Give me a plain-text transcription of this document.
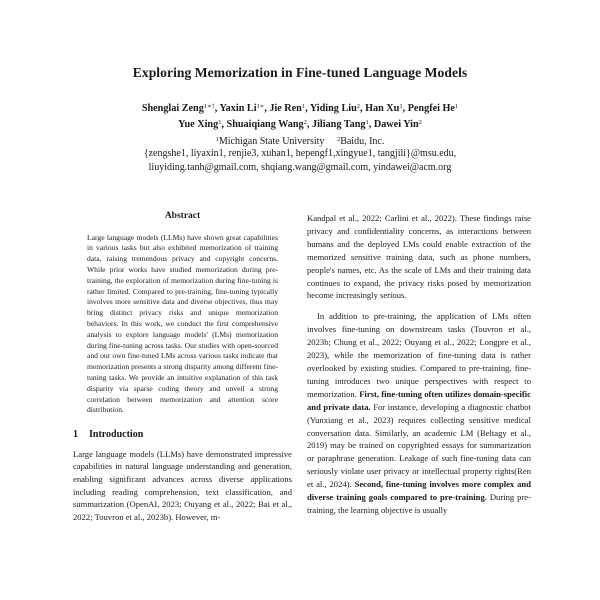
Exploring Memorization in Fine-tuned Language Models
Shenglai Zeng$^{1∗\dagger}$, Yaxin $Li^{1∗}$, Jie Ren$^1$, Yiding Liu$^2$, Han Xu$^1$, Pengfei He$^1$
Yue Xing$^1$, Shuaiqiang Wang$^2$, Jiliang Tang$^1$, Dawei Yin$^2$
$^1$Michigan State University $^2$Baidu, Inc.
{zengshe1, liyaxin1, renjie3, xuhan1, hepengf1,xingyue1, tangjili}@msu.edu,
liuyiding.tanh@gmail.com, shqiang.wang@gmail.com, yindawei@acm.org
Abstract
Large language models (LLMs) have shown great capabilities in various tasks but also exhibited memorization of training data, raising tremendous privacy and copyright concerns. While prior works have studied memorization during pre-training, the exploration of memorization during fine-tuning is rather limited. Compared to pre-training, fine-tuning typically involves more sensitive data and diverse objectives, thus may bring distinct privacy risks and unique memorization behaviors. In this work, we conduct the first comprehensive analysis to explore language models' (LMs) memorization during fine-tuning across tasks. Our studies with open-sourced and our own fine-tuned LMs across various tasks indicate that memorization presents a strong disparity among different fine-tuning tasks. We provide an intuitive explanation of this task disparity via sparse coding theory and unveil a strong correlation between memorization and attention score distribution.
1 Introduction

Large language models (LLMs) have demonstrated impressive capabilities in natural language understanding and generation, enabling significant advances across diverse applications including reading comprehension, text classification, and summarization (OpenAI, 2023; Ouyang et al., 2022; Bai et al., 2022; Touvron et al., 2023b). However, m-

Kandpal et al., 2022; Carlini et al., 2022). These findings raise privacy and confidentiality concerns, as interactions between humans and the deployed LMs could enable extraction of the memorized sensitive training data, such as phone numbers, people's names, etc. As the scale of LMs and their training data continues to expand, the privacy risks posed by memorization become increasingly serious.

In addition to pre-training, the application of LMs often involves fine-tuning on downstream tasks (Touvron et al., 2023b; Chung et al., 2022; Ouyang et al., 2022; Longpre et al., 2023), while the memorization of fine-tuning data is rather overlooked by existing studies. Compared to pre-training, fine-tuning introduces two unique perspectives with respect to memorization. First, fine-tuning often utilizes domain-specific and private data. For instance, developing a diagnostic chatbot (Yunxiang et al., 2023) requires collecting sensitive medical conversation data. Similarly, an academic LM (Beltagy et al., 2019) may be trained on copyrighted essays for summarization or paraphrase generation. Leakage of such fine-tuning data can seriously violate user privacy or intellectual property rights(Ren et al., 2024). Second, fine-tuning involves more complex and diverse training goals compared to pre-training. During pre-training, the learning objective is usually
